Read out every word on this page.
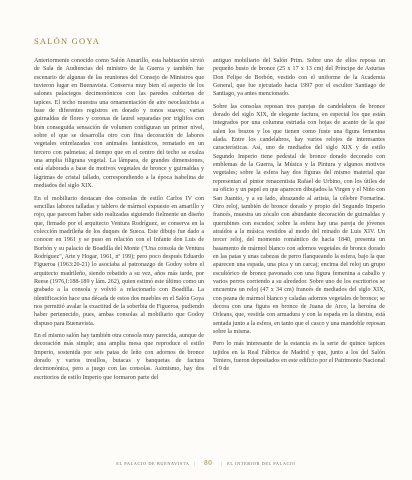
SALÓN GOYA

Anteriormente conocido como Salón Amarillo, esta habitación sirvió de Sala de Audiencias del ministro de la Guerra y también fue escenario de algunas de las reuniones del Consejo de Ministros que tuvieron lugar en Buenavista. Conserva muy bien el aspecto de los salones palaciegos decimonónicos con las paredes cubiertas de tapices. El techo muestra una ornamentación de aire neoclasicista a base de diferentes registros en dorado y tonos suaves; varias guirnaldas de flores y coronas de laurel separadas por triglifos con bien conseguida sensación de volumen configuran un primer nivel, sobre el que se desarrolla otro con fina decoración de labores vegetales entrelazadas con animales fantásticos, rematado en un tercero con palmetas; al tiempo que en el centro del techo se exalza una amplia filigrana vegetal. La lámpara, de grandes dimensiones, está elaborada a base de motivos vegetales de bronce y guirnaldas y lágrimas de cristal tallado, correspondiendo a la época isabelina de mediados del siglo XIX.

En el mobiliario destacan dos consolas de estilo Carlos IV con sencillas labores talladas y tablero de mármol expuesto en amarillo y rojo, que parecen haber sido realizadas siguiendo fielmente un diseño que, firmado por el arquitecto Ventura Rodríguez, se conserva en la colección madrileña de los duques de Sueca. Este dibujo fue dado a conocer en 1961 y se puso en relación con el Infante don Luis de Borbón y su palacio de Boadilla del Monte ("Una consola de Ventura Rodríguez", Arte y Hogar, 1961, nº 199); pero poco después Eduardo Figueroa (1963:20-21) lo asociaba al patronazgo de Godoy sobre el arquitecto madrileño, siendo rebatido a su vez, años más tarde, por Reese (1976,I:188-189 y lám. 262), quien estimó este último como un grabado a la consola y volvió a relacionarlo con Boadilla. La identificación hace una década de estos dos muebles en el Salón Goya nos permitió avalar la exactitud de la soberbia de Figueroa, pudiendo haber pertenecido, pues, ambas consolas al mobiliario que Godoy dispuso para Buenavista.

En el mismo salón hay también otra consola muy parecida, aunque de decoración más simple; una amplia mesa que reproduce el estilo Imperio, sostenida por seis patas de leño con adornos de bronce dorado y varios tresillos, butacas y banquetas de factura decimonónica, pero a juego con las consolas. Asimismo, hay dos escritorios de estilo Imperio que formaron parte del

antiguo mobiliario del Salón Prim. Sobre uno de ellos reposa un pequeño busto de bronce (25 x 17 x 13 cm) del Príncipe de Asturias Don Felipe de Borbón, vestido con el uniforme de la Academia General, que fue ejecutado hacia 1997 por el escultor Santiago de Santiago, ya antes mencionado.

Sobre las consolas reposan tres parejas de candelabros de bronce dorado del siglo XIX, de elegante factura, en especial los que están integrados por una columna estriada con hojas de acanto de la que salen los brazos y los que tienen como fuste una figura femenina alada. Entre los candelabros, hay varios relojes de interesantes características. Así, uno de mediados del siglo XIX y de estilo Segundo Imperio tiene pedestal de bronce dorado decorado con emblemas de la Guerra, la Música y la Pintura y algunos motivos vegetales; sobre la esfera hay dos figuras del mismo material que representan al pintor renacentista Rafael de Urbino, con los útiles de su oficio y un papel en que aparecen dibujados la Virgen y el Niño con San Juanito, y a su lado, abrazando al artista, la célebre Fornarina. Otro reloj, también de bronce dorado y propio del Segundo Imperio francés, muestra un zócalo con abundante decoración de guirnaldas y querubines con escudos; sobre la esfera hay una pareja de jóvenes atraídos a la música vestidos al modo del reinado de Luis XIV. Un tercer reloj, del momento romántico de hacia 1840, presenta un basamento de mármol blanco con adornos vegetales de bronce dorado en las patas y unas cabezas de perro flanqueando la esfera, bajo la que aparecen una espada, una pica y un carcaj; encima del reloj un grupo escultórico de bronce pavonado con una figura femenina a caballo y varios perros corriendo a su alrededor. Sobre uno de los escritorios se encuentra un reloj (47 x 34 cm) francés de mediados del siglo XIX, con peana de mármol blanco y caladas adornos vegetales de bronce; se decora con una figura en bronce de Juana de Arco, la heroína de Orleans, que, vestida con armadura y con la espada en la diestra, está sentada junto a la esfera, en tanto que el casco y una mandoble reposan sobre la misma.

Pero lo más interesante de la estancia es la serie de quince tapices tejidos en la Real Fábrica de Madrid y que, junto a los del Salón Teniers, fueron depositados en este edificio por el Patrimonio Nacional el 9 de

EL PALACIO DE BUENAVISTA | 80 | EL INTERIOR DEL PALACIO
